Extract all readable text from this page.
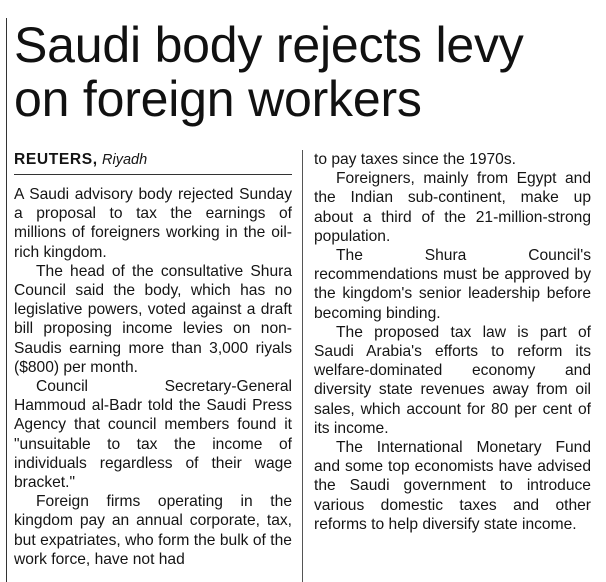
Saudi body rejects levy
on foreign workers
REUTERS, Riyadh

A Saudi advisory body rejected Sunday a proposal to tax the earnings of millions of foreigners working in the oil-rich kingdom.

The head of the consultative Shura Council said the body, which has no legislative powers, voted against a draft bill proposing income levies on non-Saudis earning more than 3,000 riyals ($800) per month.

Council Secretary-General Hammoud al-Badr told the Saudi Press Agency that council members found it "unsuitable to tax the income of individuals regardless of their wage bracket."

Foreign firms operating in the kingdom pay an annual corporate, tax, but expatriates, who form the bulk of the work force, have not had

to pay taxes since the 1970s.

Foreigners, mainly from Egypt and the Indian sub-continent, make up about a third of the 21-million-strong population.

The Shura Council's recommendations must be approved by the kingdom's senior leadership before becoming binding.

The proposed tax law is part of Saudi Arabia's efforts to reform its welfare-dominated economy and diversity state revenues away from oil sales, which account for 80 per cent of its income.

The International Monetary Fund and some top economists have advised the Saudi government to introduce various domestic taxes and other reforms to help diversify state income.
